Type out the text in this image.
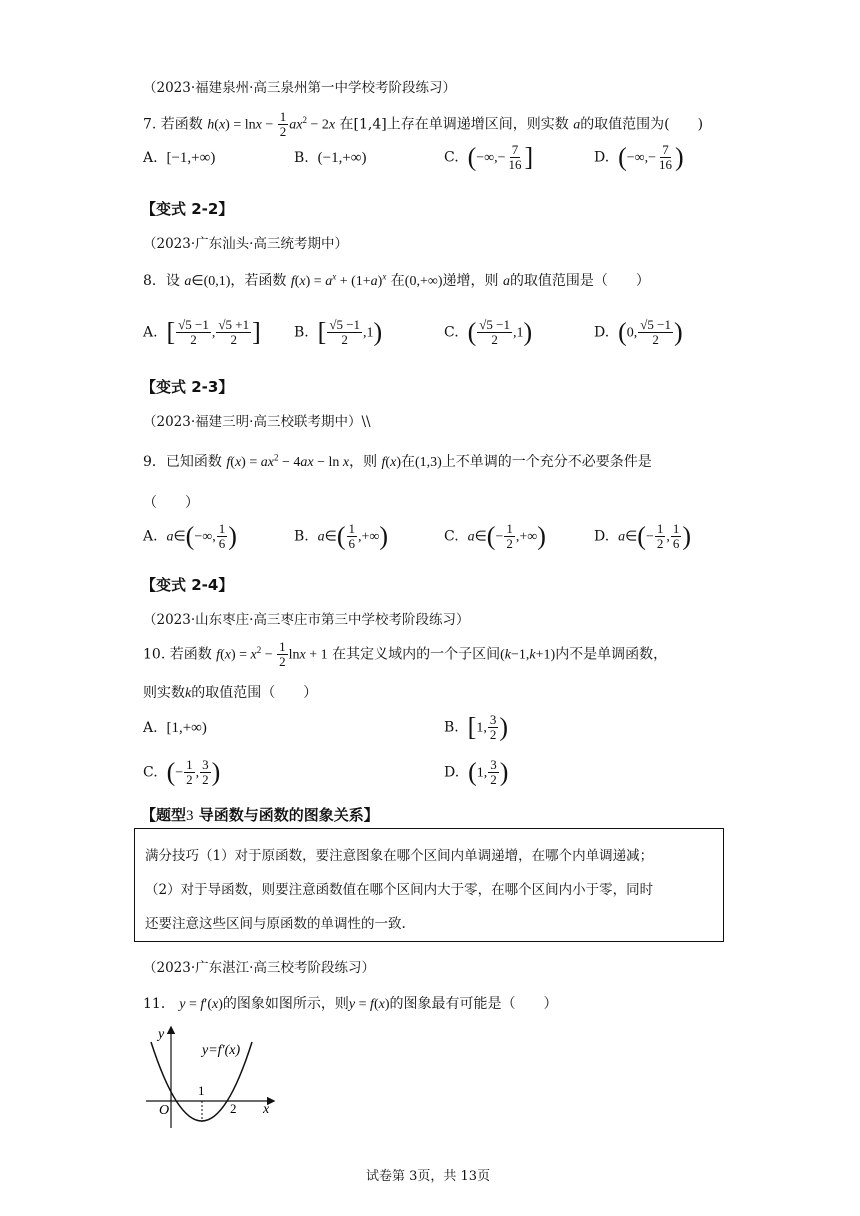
（2023·福建泉州·高三泉州第一中学校考阶段练习）
7. 若函数 $h(x) = \ln x - \frac{1}{2} ax^2 - 2x$ 在[1,4]上存在单调递增区间，则实数 a的取值范围为(　　)
A.  [−1,+∞)	B.  (−1,+∞)	C.  (−∞,− $\frac{7}{16}$ ]	D.  (−∞,− $\frac{7}{16}$ )
【变式 2-2】
（2023·广东汕头·高三统考期中）
8．设 a∈(0,1)，若函数 $f(x) = a^x + (1+a)^x$ 在(0,+∞)递增，则 a的取值范围是（　　）
A.  [ $\frac{√5 -1}{2}$ , $\frac{√5 +1}{2}$ ] B.  [ $\frac{√5 -1}{2} ,1$)	C.  ( $\frac{√5 -1}{2} ,1$)	D.  (0, $\frac{√5 -1}{2}$ )
【变式 2-3】
（2023·福建三明·高三校联考期中）\\
9．已知函数 $f(x) = ax^2 - 4ax - \ln x$，则 f(x)在(1,3)上不单调的一个充分不必要条件是
（　　）
A.  a∈(−∞, $\frac{1}{6}$ )	B.  a∈( $\frac{1}{6}$ ,+∞)	C.  a∈(− $\frac{1}{2}$ ,+∞)	D.  a∈(− $\frac{1}{2}$ , $\frac{1}{6}$ )
【变式 2-4】
（2023·山东枣庄·高三枣庄市第三中学校考阶段练习）
10. 若函数 $f(x) = x^2 - \frac{1}{2}$ lnx + 1 在其定义域内的一个子区间(k−1,k+1)内不是单调函数，
则实数k的取值范围（　　）
A.  [1,+∞)	B.  [1, $\frac{3}{2}$ )
C.  (− $\frac{1}{2}$ , $\frac{3}{2}$ )	D.  (1, $\frac{3}{2}$ )
【题型3 导函数与函数的图象关系】
满分技巧（1）对于原函数，要注意图象在哪个区间内单调递增，在哪个内单调递减；
（2）对于导函数，则要注意函数值在哪个区间内大于零，在哪个区间内小于零，同时
还要注意这些区间与原函数的单调性的一致.
（2023·广东湛江·高三校考阶段练习）
11． y = f′(x)的图象如图所示，则y = f(x)的图象最有可能是（　　）
y
x
O
1
2
y=f′(x)
试卷第 3页，共 13页
